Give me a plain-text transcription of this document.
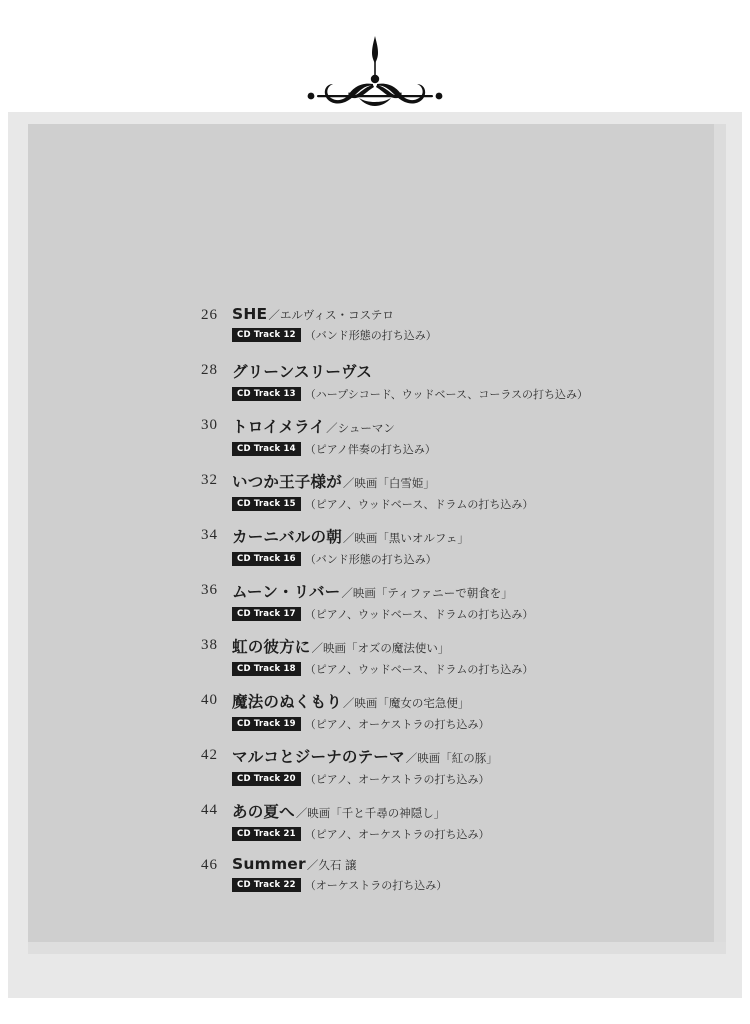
26 SHE ／エルヴィス・コステロ
CD Track 12 （バンド形態の打ち込み）
28 グリーンスリーヴス
CD Track 13 （ハープシコード、ウッドベース、コーラスの打ち込み）
30 トロイメライ ／シューマン
CD Track 14 （ピアノ伴奏の打ち込み）
32 いつか王子様が ／映画「白雪姫」
CD Track 15 （ピアノ、ウッドベース、ドラムの打ち込み）
34 カーニバルの朝 ／映画「黒いオルフェ」
CD Track 16 （バンド形態の打ち込み）
36 ムーン・リバー ／映画「ティファニーで朝食を」
CD Track 17 （ピアノ、ウッドベース、ドラムの打ち込み）
38 虹の彼方に ／映画「オズの魔法使い」
CD Track 18 （ピアノ、ウッドベース、ドラムの打ち込み）
40 魔法のぬくもり ／映画「魔女の宅急便」
CD Track 19 （ピアノ、オーケストラの打ち込み）
42 マルコとジーナのテーマ ／映画「紅の豚」
CD Track 20 （ピアノ、オーケストラの打ち込み）
44 あの夏へ ／映画「千と千尋の神隠し」
CD Track 21 （ピアノ、オーケストラの打ち込み）
46 Summer ／久石 譲
CD Track 22 （オーケストラの打ち込み）
